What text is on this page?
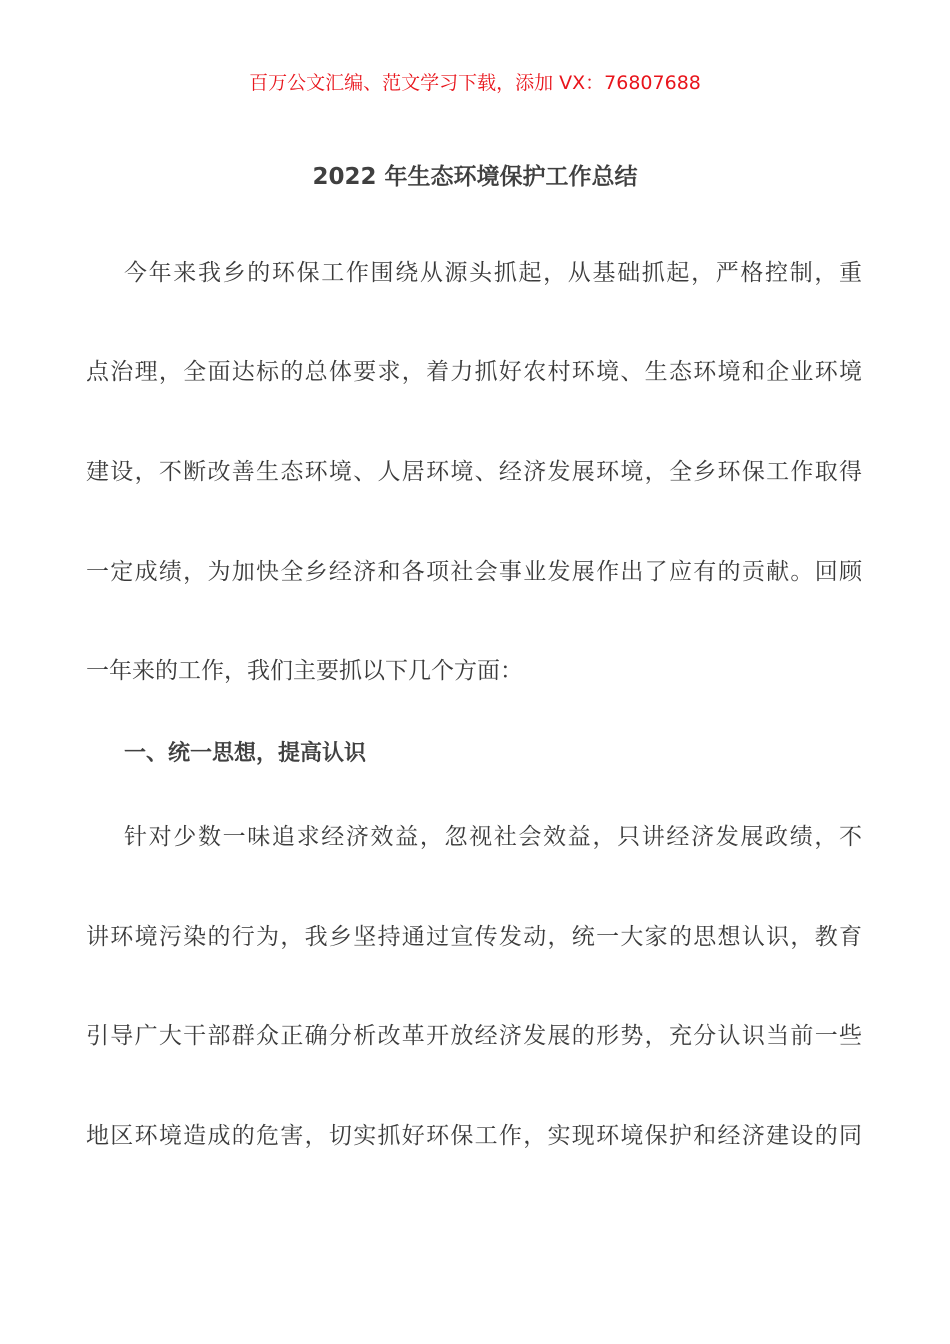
百万公文汇编、范文学习下载，添加 VX：76807688
2022 年生态环境保护工作总结
今年来我乡的环保工作围绕从源头抓起，从基础抓起，严格控制，重
点治理，全面达标的总体要求，着力抓好农村环境、生态环境和企业环境
建设，不断改善生态环境、人居环境、经济发展环境，全乡环保工作取得
一定成绩，为加快全乡经济和各项社会事业发展作出了应有的贡献。回顾
一年来的工作，我们主要抓以下几个方面：
一、统一思想，提高认识
针对少数一味追求经济效益，忽视社会效益，只讲经济发展政绩，不
讲环境污染的行为，我乡坚持通过宣传发动，统一大家的思想认识，教育
引导广大干部群众正确分析改革开放经济发展的形势，充分认识当前一些
地区环境造成的危害，切实抓好环保工作，实现环境保护和经济建设的同
